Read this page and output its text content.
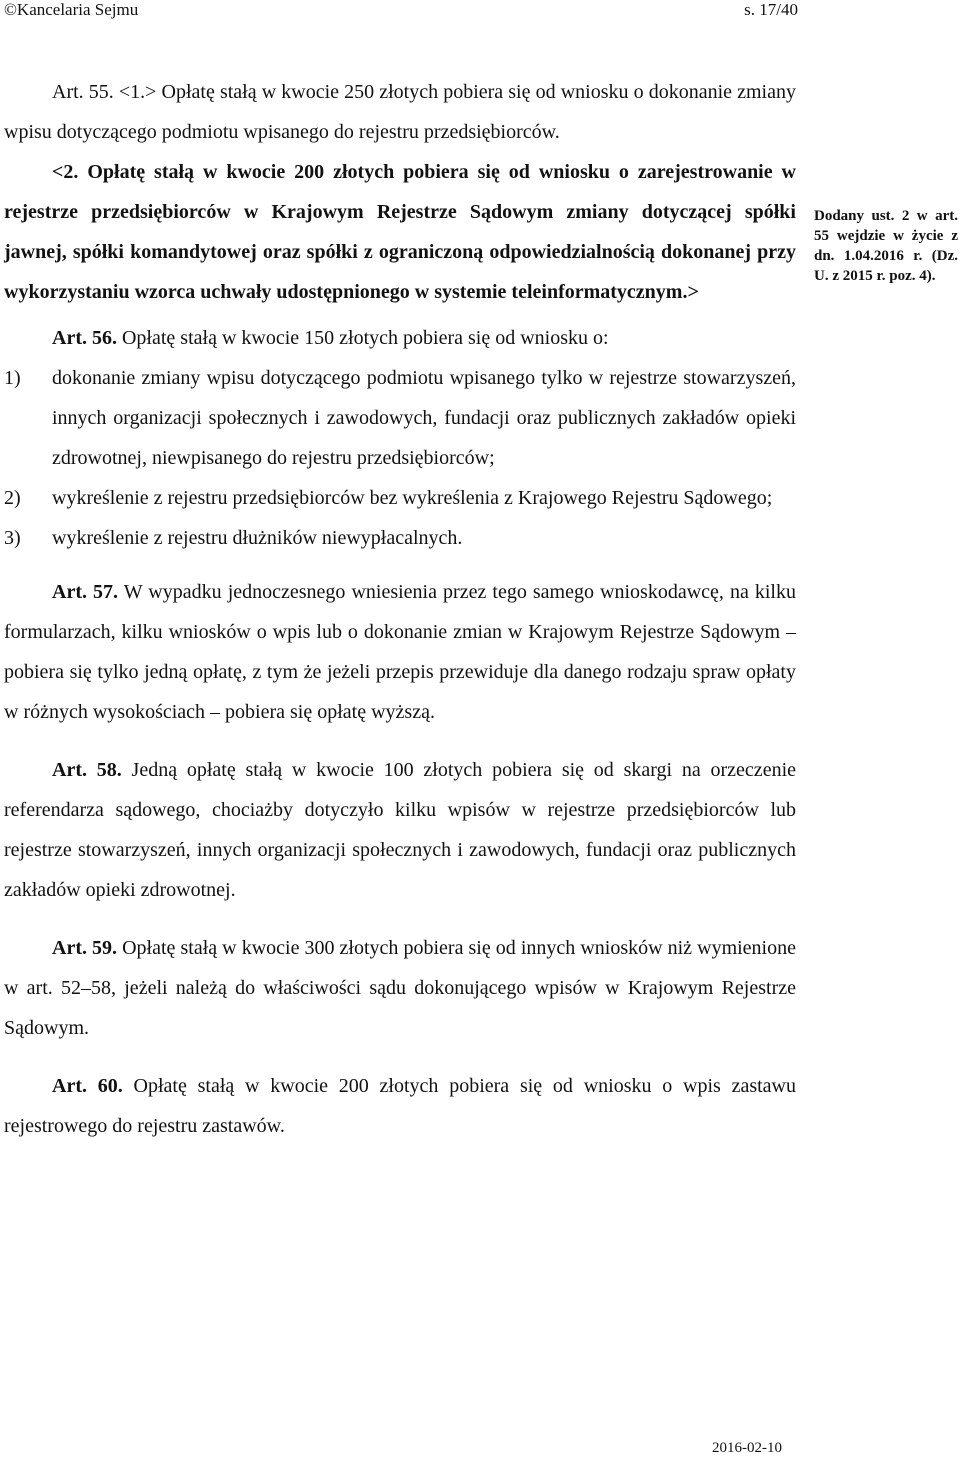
©Kancelaria Sejmu	s. 17/40

Art. 55. <1.> Opłatę stałą w kwocie 250 złotych pobiera się od wniosku o dokonanie zmiany wpisu dotyczącego podmiotu wpisanego do rejestru przedsiębiorców.

<2. Opłatę stałą w kwocie 200 złotych pobiera się od wniosku o zarejestrowanie w rejestrze przedsiębiorców w Krajowym Rejestrze Sądowym zmiany dotyczącej spółki jawnej, spółki komandytowej oraz spółki z ograniczoną odpowiedzialnością dokonanej przy wykorzystaniu wzorca uchwały udostępnionego w systemie teleinformatycznym.>

Art. 56. Opłatę stałą w kwocie 150 złotych pobiera się od wniosku o:

1)	dokonanie zmiany wpisu dotyczącego podmiotu wpisanego tylko w rejestrze stowarzyszeń, innych organizacji społecznych i zawodowych, fundacji oraz publicznych zakładów opieki zdrowotnej, niewpisanego do rejestru przedsiębiorców;
2)	wykreślenie z rejestru przedsiębiorców bez wykreślenia z Krajowego Rejestru Sądowego;
3)	wykreślenie z rejestru dłużników niewypłacalnych.

Art. 57. W wypadku jednoczesnego wniesienia przez tego samego wnioskodawcę, na kilku formularzach, kilku wniosków o wpis lub o dokonanie zmian w Krajowym Rejestrze Sądowym – pobiera się tylko jedną opłatę, z tym że jeżeli przepis przewiduje dla danego rodzaju spraw opłaty w różnych wysokościach – pobiera się opłatę wyższą.

Art. 58. Jedną opłatę stałą w kwocie 100 złotych pobiera się od skargi na orzeczenie referendarza sądowego, chociażby dotyczyło kilku wpisów w rejestrze przedsiębiorców lub rejestrze stowarzyszeń, innych organizacji społecznych i zawodowych, fundacji oraz publicznych zakładów opieki zdrowotnej.

Art. 59. Opłatę stałą w kwocie 300 złotych pobiera się od innych wniosków niż wymienione w art. 52–58, jeżeli należą do właściwości sądu dokonującego wpisów w Krajowym Rejestrze Sądowym.

Art. 60. Opłatę stałą w kwocie 200 złotych pobiera się od wniosku o wpis zastawu rejestrowego do rejestru zastawów.

Dodany ust. 2 w art. 55 wejdzie w życie z dn. 1.04.2016 r. (Dz. U. z 2015 r. poz. 4).
2016-02-10
